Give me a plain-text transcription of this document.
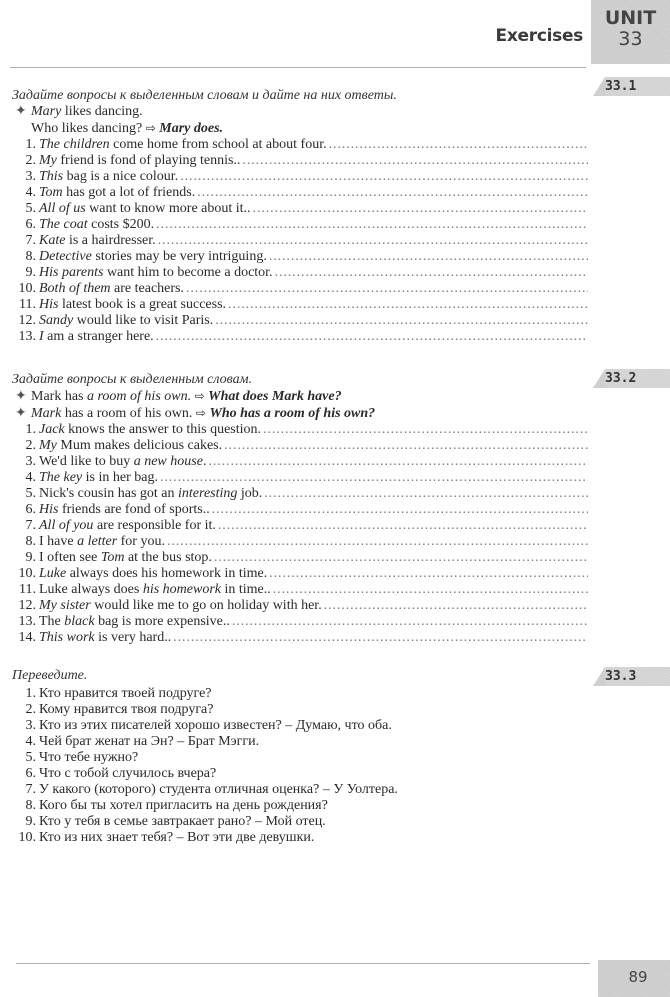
Exercises
UNIT
33
33.1
Задайте вопросы к выделенным словам и дайте на них ответы.
✦ Mary likes dancing.
Who likes dancing? ⇨ Mary does.
1. The children come home from school at about four.
. . .
2. My friend is fond of playing tennis..
. . .
3. This bag is a nice colour.
. . .
4. Tom has got a lot of friends.
. . .
5. All of us want to know more about it..
. . .
6. The coat costs $200.
. . .
7. Kate is a hairdresser.
. . .
8. Detective stories may be very intriguing.
. . .
9. His parents want him to become a doctor.
. . .
10. Both of them are teachers.
. . .
11. His latest book is a great success.
. . .
12. Sandy would like to visit Paris.
. . .
13. I am a stranger here.
. . .
33.2
Задайте вопросы к выделенным словам.
✦ Mark has a room of his own. ⇨ What does Mark have?
✦ Mark has a room of his own. ⇨ Who has a room of his own?
1. Jack knows the answer to this question.
. . .
2. My Mum makes delicious cakes.
. . .
3. We'd like to buy a new house.
. . .
4. The key is in her bag.
. . .
5. Nick's cousin has got an interesting job.
. . .
6. His friends are fond of sports..
. . .
7. All of you are responsible for it.
. . .
8. I have a letter for you.
. . .
9. I often see Tom at the bus stop.
. . .
10. Luke always does his homework in time.
. . .
11. Luke always does his homework in time..
. . .
12. My sister would like me to go on holiday with her.
. . .
13. The black bag is more expensive..
. . .
14. This work is very hard..
. . .
33.3
Переведите.
1. Кто нравится твоей подруге?
2. Кому нравится твоя подруга?
3. Кто из этих писателей хорошо известен? – Думаю, что оба.
4. Чей брат женат на Эн? – Брат Мэгги.
5. Что тебе нужно?
6. Что с тобой случилось вчера?
7. У какого (которого) студента отличная оценка? – У Уолтера.
8. Кого бы ты хотел пригласить на день рождения?
9. Кто у тебя в семье завтракает рано? – Мой отец.
10. Кто из них знает тебя? – Вот эти две девушки.
89
